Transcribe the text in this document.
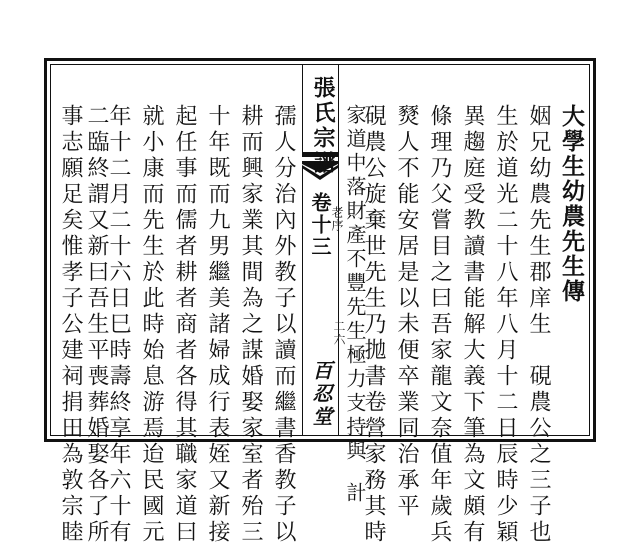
張氏宗譜
卷十三
老序
二六
百忍堂
大學生幼農先生傳
姻兄幼農先生郡庠生硯農公之三子也
生於道光二十八年八月十二日辰時少穎
異趨庭受教讀書能解大義下筆為文頗有
條理乃父嘗目之曰吾家龍文奈值年歲兵
燹人不能安居是以未便卒業同治承平
硯農公旋棄世先生乃拋書卷營家務其時
家道中落財產不豐先生極力支持與計
孺人分治內外教子以讀而繼書香教子以
耕而興家業其間為之謀婚娶家室者殆三
十年既而九男繼美諸婦成行表姪又新接
起任事而儒者耕者商者各得其職家道曰
就小康而先生於此時始息游焉迨民國元
年十二月二十六日巳時壽終享年六十有
二臨終謂又新曰吾生平喪葬婚娶各了所
事志願足矣惟孝子公建祠捐田為敦宗睦
